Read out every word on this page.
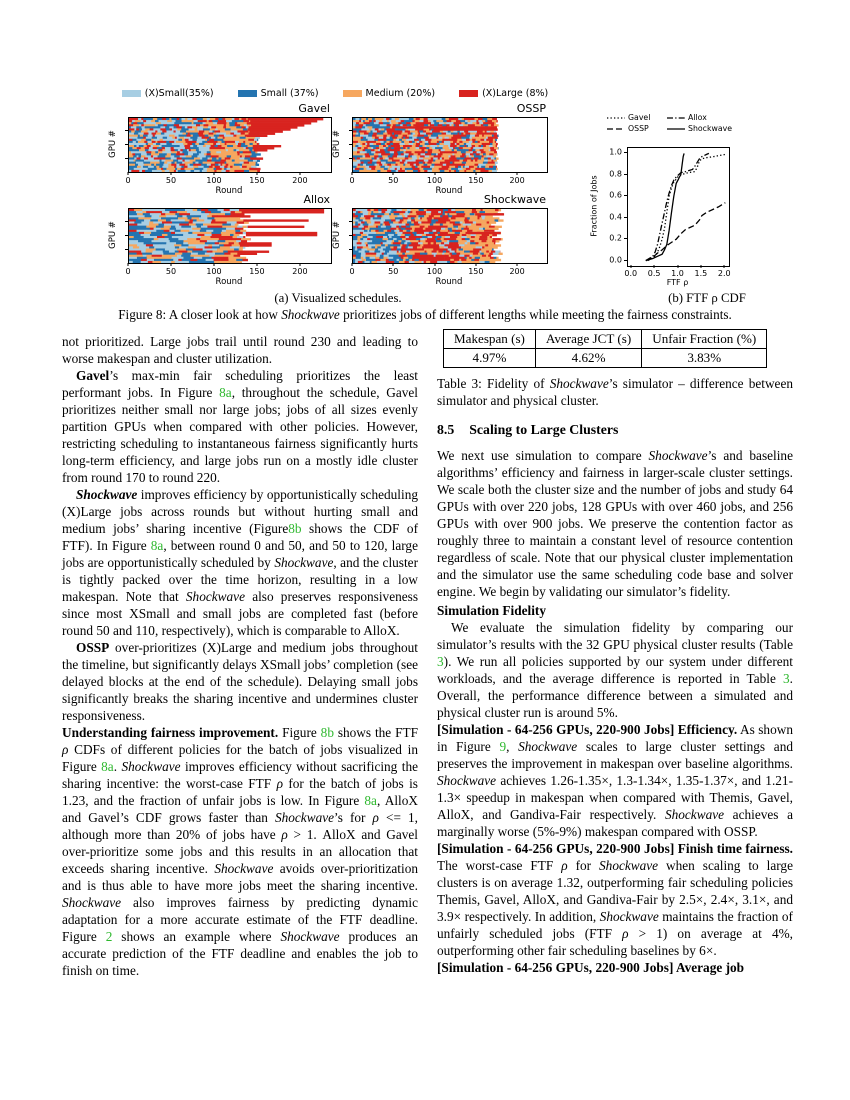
(X)Small(35%)	Small (37%)	Medium (20%)	(X)Large (8%)
Gavel
GPU #
0	50	100	150	200
Round
OSSP
GPU #
0	50	100	150	200
Round
Allox
GPU #
0	50	100	150	200
Round
Shockwave
GPU #
0	50	100	150	200
Round
Gavel	Allox
OSSP	Shockwave
Fraction of Jobs
FTF ρ
0.0 0.5 1.0 1.5 2.0
0.0
0.2
0.4
0.6
0.8
1.0
(a) Visualized schedules.	(b) FTF ρ CDF
Figure 8: A closer look at how Shockwave prioritizes jobs of different lengths while meeting the fairness constraints.

not prioritized. Large jobs trail until round 230 and leading to worse makespan and cluster utilization.

Gavel’s max-min fair scheduling prioritizes the least performant jobs. In Figure 8a, throughout the schedule, Gavel prioritizes neither small nor large jobs; jobs of all sizes evenly partition GPUs when compared with other policies. However, restricting scheduling to instantaneous fairness significantly hurts long-term efficiency, and large jobs run on a mostly idle cluster from round 170 to round 220.

Shockwave improves efficiency by opportunistically scheduling (X)Large jobs across rounds but without hurting small and medium jobs’ sharing incentive (Figure8b shows the CDF of FTF). In Figure 8a, between round 0 and 50, and 50 to 120, large jobs are opportunistically scheduled by Shockwave, and the cluster is tightly packed over the time horizon, resulting in a low makespan. Note that Shockwave also preserves responsiveness since most XSmall and small jobs are completed fast (before round 50 and 110, respectively), which is comparable to AlloX.

OSSP over-prioritizes (X)Large and medium jobs throughout the timeline, but significantly delays XSmall jobs’ completion (see delayed blocks at the end of the schedule). Delaying small jobs significantly breaks the sharing incentive and undermines cluster responsiveness.

Understanding fairness improvement. Figure 8b shows the FTF ρ CDFs of different policies for the batch of jobs visualized in Figure 8a. Shockwave improves efficiency without sacrificing the sharing incentive: the worst-case FTF ρ for the batch of jobs is 1.23, and the fraction of unfair jobs is low. In Figure 8a, AlloX and Gavel’s CDF grows faster than Shockwave’s for ρ <= 1, although more than 20% of jobs have ρ > 1. AlloX and Gavel over-prioritize some jobs and this results in an allocation that exceeds sharing incentive. Shockwave avoids over-prioritization and is thus able to have more jobs meet the sharing incentive. Shockwave also improves fairness by predicting dynamic adaptation for a more accurate estimate of the FTF deadline. Figure 2 shows an example where Shockwave produces an accurate prediction of the FTF deadline and enables the job to finish on time.

Makespan (s)	Average JCT (s)	Unfair Fraction (%)
4.97%	4.62%	3.83%

Table 3: Fidelity of Shockwave’s simulator – difference between simulator and physical cluster.

8.5 Scaling to Large Clusters

We next use simulation to compare Shockwave’s and baseline algorithms’ efficiency and fairness in larger-scale cluster settings. We scale both the cluster size and the number of jobs and study 64 GPUs with over 220 jobs, 128 GPUs with over 460 jobs, and 256 GPUs with over 900 jobs. We preserve the contention factor as roughly three to maintain a constant level of resource contention regardless of scale. Note that our physical cluster implementation and the simulator use the same scheduling code base and solver engine. We begin by validating our simulator’s fidelity.

Simulation Fidelity

We evaluate the simulation fidelity by comparing our simulator’s results with the 32 GPU physical cluster results (Table 3). We run all policies supported by our system under different workloads, and the average difference is reported in Table 3. Overall, the performance difference between a simulated and physical cluster run is around 5%.

[Simulation - 64-256 GPUs, 220-900 Jobs] Efficiency. As shown in Figure 9, Shockwave scales to large cluster settings and preserves the improvement in makespan over baseline algorithms. Shockwave achieves 1.26-1.35×, 1.3-1.34×, 1.35-1.37×, and 1.21-1.3× speedup in makespan when compared with Themis, Gavel, AlloX, and Gandiva-Fair respectively. Shockwave achieves a marginally worse (5%-9%) makespan compared with OSSP.

[Simulation - 64-256 GPUs, 220-900 Jobs] Finish time fairness. The worst-case FTF ρ for Shockwave when scaling to large clusters is on average 1.32, outperforming fair scheduling policies Themis, Gavel, AlloX, and Gandiva-Fair by 2.5×, 2.4×, 3.1×, and 3.9× respectively. In addition, Shockwave maintains the fraction of unfairly scheduled jobs (FTF ρ > 1) on average at 4%, outperforming other fair scheduling baselines by 6×.

[Simulation - 64-256 GPUs, 220-900 Jobs] Average job
